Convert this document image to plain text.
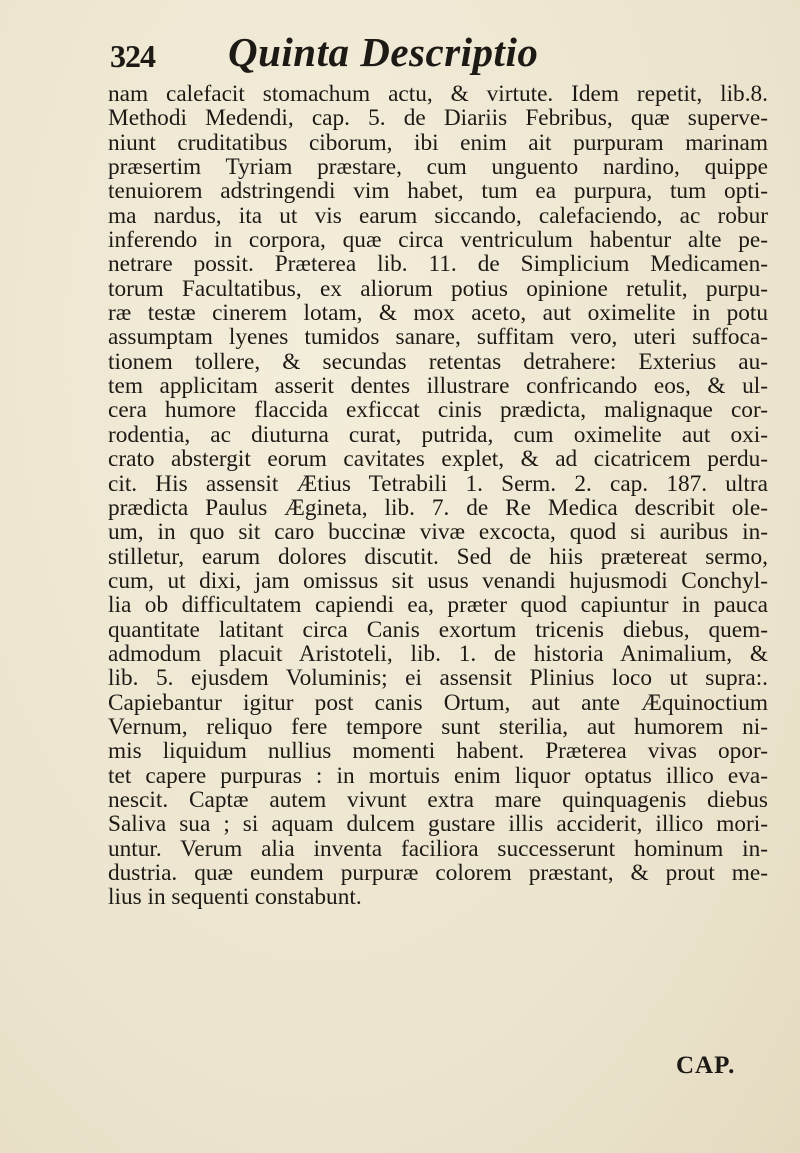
324 Quinta Descriptio
nam calefacit stomachum actu, & virtute. Idem repetit, lib.8.
Methodi Medendi, cap. 5. de Diariis Febribus, quæ superve-
niunt cruditatibus ciborum, ibi enim ait purpuram marinam
præsertim Tyriam præstare, cum unguento nardino, quippe
tenuiorem adstringendi vim habet, tum ea purpura, tum opti-
ma nardus, ita ut vis earum siccando, calefaciendo, ac robur
inferendo in corpora, quæ circa ventriculum habentur alte pe-
netrare possit. Præterea lib. 11. de Simplicium Medicamen-
torum Facultatibus, ex aliorum potius opinione retulit, purpu-
ræ testæ cinerem lotam, & mox aceto, aut oximelite in potu
assumptam lyenes tumidos sanare, suffitam vero, uteri suffoca-
tionem tollere, & secundas retentas detrahere: Exterius au-
tem applicitam asserit dentes illustrare confricando eos, & ul-
cera humore flaccida exficcat cinis prædicta, malignaque cor-
rodentia, ac diuturna curat, putrida, cum oximelite aut oxi-
crato abstergit eorum cavitates explet, & ad cicatricem perdu-
cit. His assensit Ætius Tetrabili 1. Serm. 2. cap. 187. ultra
prædicta Paulus Ægineta, lib. 7. de Re Medica describit ole-
um, in quo sit caro buccinæ vivæ excocta, quod si auribus in-
stilletur, earum dolores discutit. Sed de hiis prætereat sermo,
cum, ut dixi, jam omissus sit usus venandi hujusmodi Conchyl-
lia ob difficultatem capiendi ea, præter quod capiuntur in pauca
quantitate latitant circa Canis exortum tricenis diebus, quem-
admodum placuit Aristoteli, lib. 1. de historia Animalium, &
lib. 5. ejusdem Voluminis; ei assensit Plinius loco ut supra:.
Capiebantur igitur post canis Ortum, aut ante Æquinoctium
Vernum, reliquo fere tempore sunt sterilia, aut humorem ni-
mis liquidum nullius momenti habent. Præterea vivas opor-
tet capere purpuras : in mortuis enim liquor optatus illico eva-
nescit. Captæ autem vivunt extra mare quinquagenis diebus
Saliva sua ; si aquam dulcem gustare illis acciderit, illico mori-
untur. Verum alia inventa faciliora successerunt hominum in-
dustria. quæ eundem purpuræ colorem præstant, & prout me-
lius in sequenti constabunt.
CAP.
